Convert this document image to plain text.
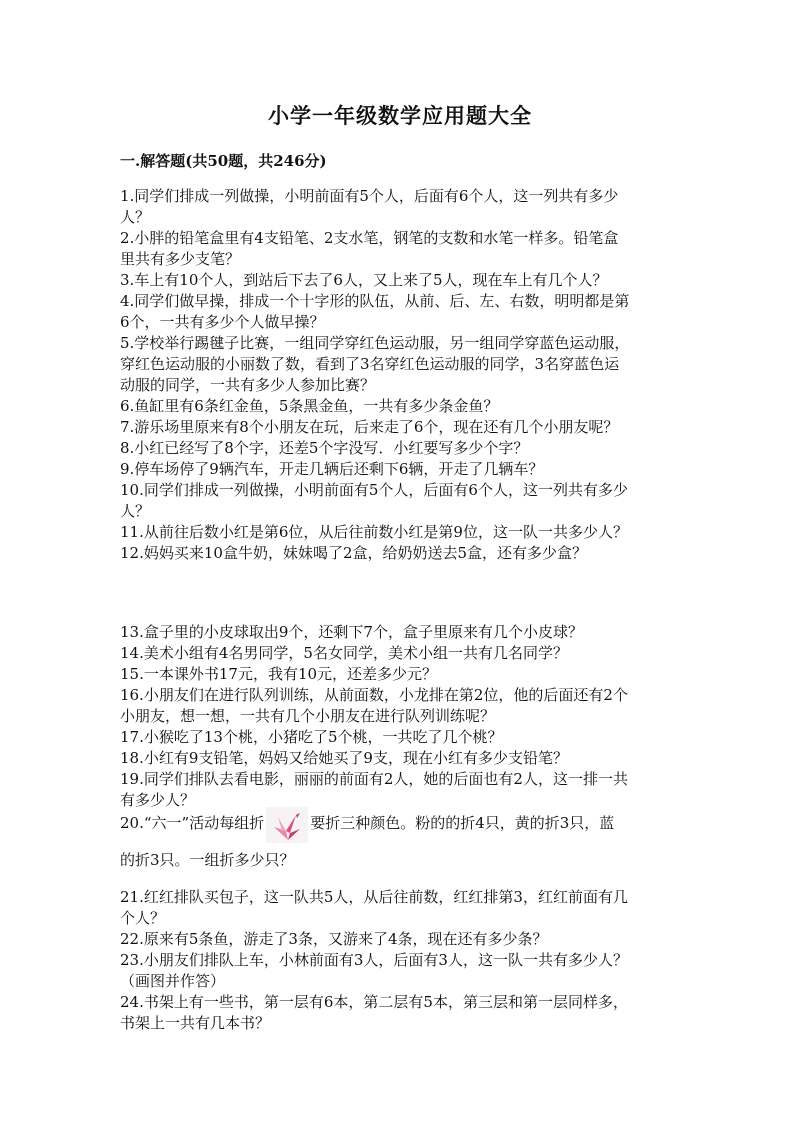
小学一年级数学应用题大全
一.解答题(共50题，共246分)
1.同学们排成一列做操，小明前面有5个人，后面有6个人，这一列共有多少
人？
2.小胖的铅笔盒里有4支铅笔、2支水笔，钢笔的支数和水笔一样多。铅笔盒
里共有多少支笔？
3.车上有10个人，到站后下去了6人，又上来了5人，现在车上有几个人？
4.同学们做早操，排成一个十字形的队伍，从前、后、左、右数，明明都是第
6个，一共有多少个人做早操？
5.学校举行踢毽子比赛，一组同学穿红色运动服，另一组同学穿蓝色运动服，
穿红色运动服的小丽数了数，看到了3名穿红色运动服的同学，3名穿蓝色运
动服的同学，一共有多少人参加比赛？
6.鱼缸里有6条红金鱼，5条黑金鱼，一共有多少条金鱼？
7.游乐场里原来有8个小朋友在玩，后来走了6个，现在还有几个小朋友呢？
8.小红已经写了8个字，还差5个字没写．小红要写多少个字？
9.停车场停了9辆汽车，开走几辆后还剩下6辆，开走了几辆车？
10.同学们排成一列做操，小明前面有5个人，后面有6个人，这一列共有多少
人？
11.从前往后数小红是第6位，从后往前数小红是第9位，这一队一共多少人？
12.妈妈买来10盒牛奶，妹妹喝了2盒，给奶奶送去5盒，还有多少盒？
13.盒子里的小皮球取出9个，还剩下7个，盒子里原来有几个小皮球？
14.美术小组有4名男同学，5名女同学，美术小组一共有几名同学？
15.一本课外书17元，我有10元，还差多少元？
16.小朋友们在进行队列训练，从前面数，小龙排在第2位，他的后面还有2个
小朋友，想一想，一共有几个小朋友在进行队列训练呢？
17.小猴吃了13个桃，小猪吃了5个桃，一共吃了几个桃？
18.小红有9支铅笔，妈妈又给她买了9支，现在小红有多少支铅笔？
19.同学们排队去看电影，丽丽的前面有2人，她的后面也有2人，这一排一共
有多少人？
20.“六一”活动每组折	要折三种颜色。粉的的折4只，黄的折3只，蓝
的折3只。一组折多少只？
21.红红排队买包子，这一队共5人，从后往前数，红红排第3，红红前面有几
个人？
22.原来有5条鱼，游走了3条，又游来了4条，现在还有多少条？
23.小朋友们排队上车，小林前面有3人，后面有3人，这一队一共有多少人？
（画图并作答）
24.书架上有一些书，第一层有6本，第二层有5本，第三层和第一层同样多，
书架上一共有几本书？
